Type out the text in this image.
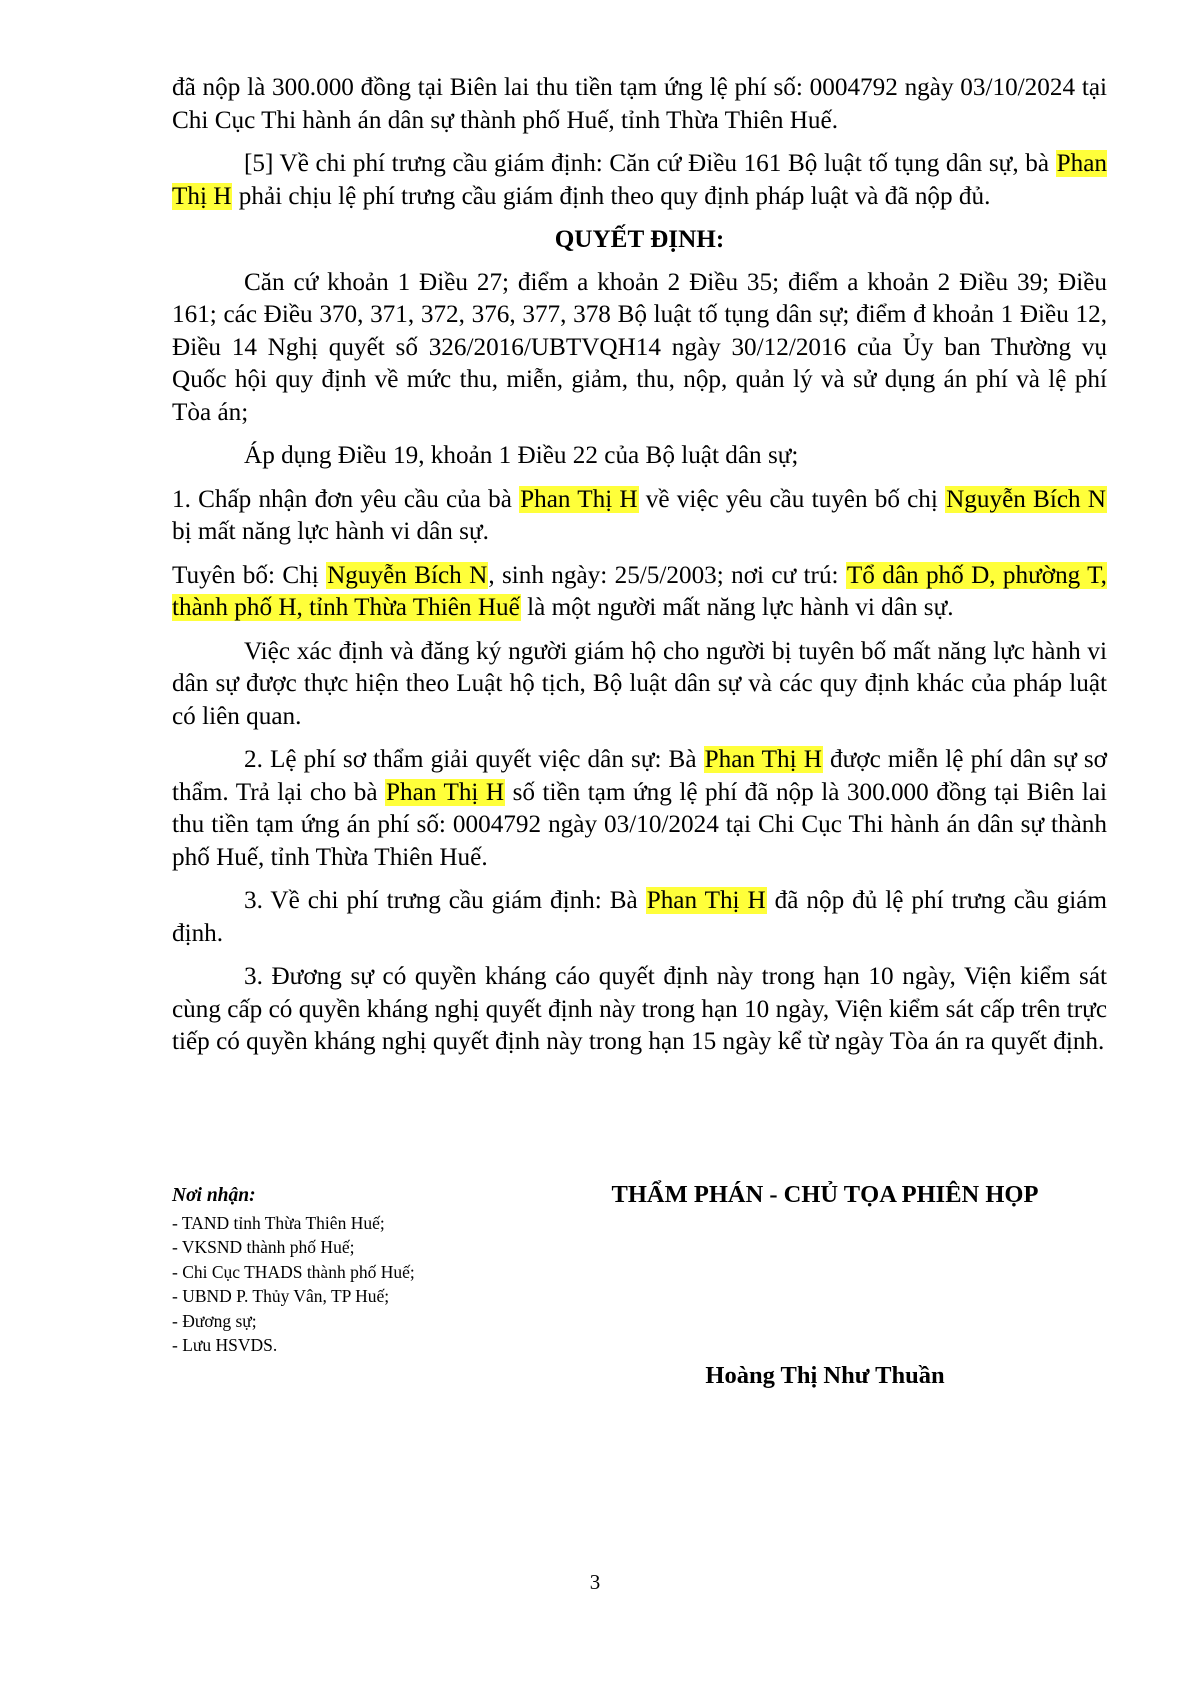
đã nộp là 300.000 đồng tại Biên lai thu tiền tạm ứng lệ phí số: 0004792 ngày 03/10/2024 tại Chi Cục Thi hành án dân sự thành phố Huế, tỉnh Thừa Thiên Huế.

[5] Về chi phí trưng cầu giám định: Căn cứ Điều 161 Bộ luật tố tụng dân sự, bà Phan Thị H phải chịu lệ phí trưng cầu giám định theo quy định pháp luật và đã nộp đủ.

QUYẾT ĐỊNH:

Căn cứ khoản 1 Điều 27; điểm a khoản 2 Điều 35; điểm a khoản 2 Điều 39; Điều 161; các Điều 370, 371, 372, 376, 377, 378 Bộ luật tố tụng dân sự; điểm đ khoản 1 Điều 12, Điều 14 Nghị quyết số 326/2016/UBTVQH14 ngày 30/12/2016 của Ủy ban Thường vụ Quốc hội quy định về mức thu, miễn, giảm, thu, nộp, quản lý và sử dụng án phí và lệ phí Tòa án;

Áp dụng Điều 19, khoản 1 Điều 22 của Bộ luật dân sự;

1. Chấp nhận đơn yêu cầu của bà Phan Thị H về việc yêu cầu tuyên bố chị Nguyễn Bích N bị mất năng lực hành vi dân sự.

Tuyên bố: Chị Nguyễn Bích N, sinh ngày: 25/5/2003; nơi cư trú: Tổ dân phố D, phường T, thành phố H, tỉnh Thừa Thiên Huế là một người mất năng lực hành vi dân sự.

Việc xác định và đăng ký người giám hộ cho người bị tuyên bố mất năng lực hành vi dân sự được thực hiện theo Luật hộ tịch, Bộ luật dân sự và các quy định khác của pháp luật có liên quan.

2. Lệ phí sơ thẩm giải quyết việc dân sự: Bà Phan Thị H được miễn lệ phí dân sự sơ thẩm. Trả lại cho bà Phan Thị H số tiền tạm ứng lệ phí đã nộp là 300.000 đồng tại Biên lai thu tiền tạm ứng án phí số: 0004792 ngày 03/10/2024 tại Chi Cục Thi hành án dân sự thành phố Huế, tỉnh Thừa Thiên Huế.

3. Về chi phí trưng cầu giám định: Bà Phan Thị H đã nộp đủ lệ phí trưng cầu giám định.

3. Đương sự có quyền kháng cáo quyết định này trong hạn 10 ngày, Viện kiểm sát cùng cấp có quyền kháng nghị quyết định này trong hạn 10 ngày, Viện kiểm sát cấp trên trực tiếp có quyền kháng nghị quyết định này trong hạn 15 ngày kể từ ngày Tòa án ra quyết định.

Nơi nhận:
- TAND tỉnh Thừa Thiên Huế;
- VKSND thành phố Huế;
- Chi Cục THADS thành phố Huế;
- UBND P. Thủy Vân, TP Huế;
- Đương sự;
- Lưu HSVDS.
THẨM PHÁN - CHỦ TỌA PHIÊN HỌP
Hoàng Thị Như Thuần
3
